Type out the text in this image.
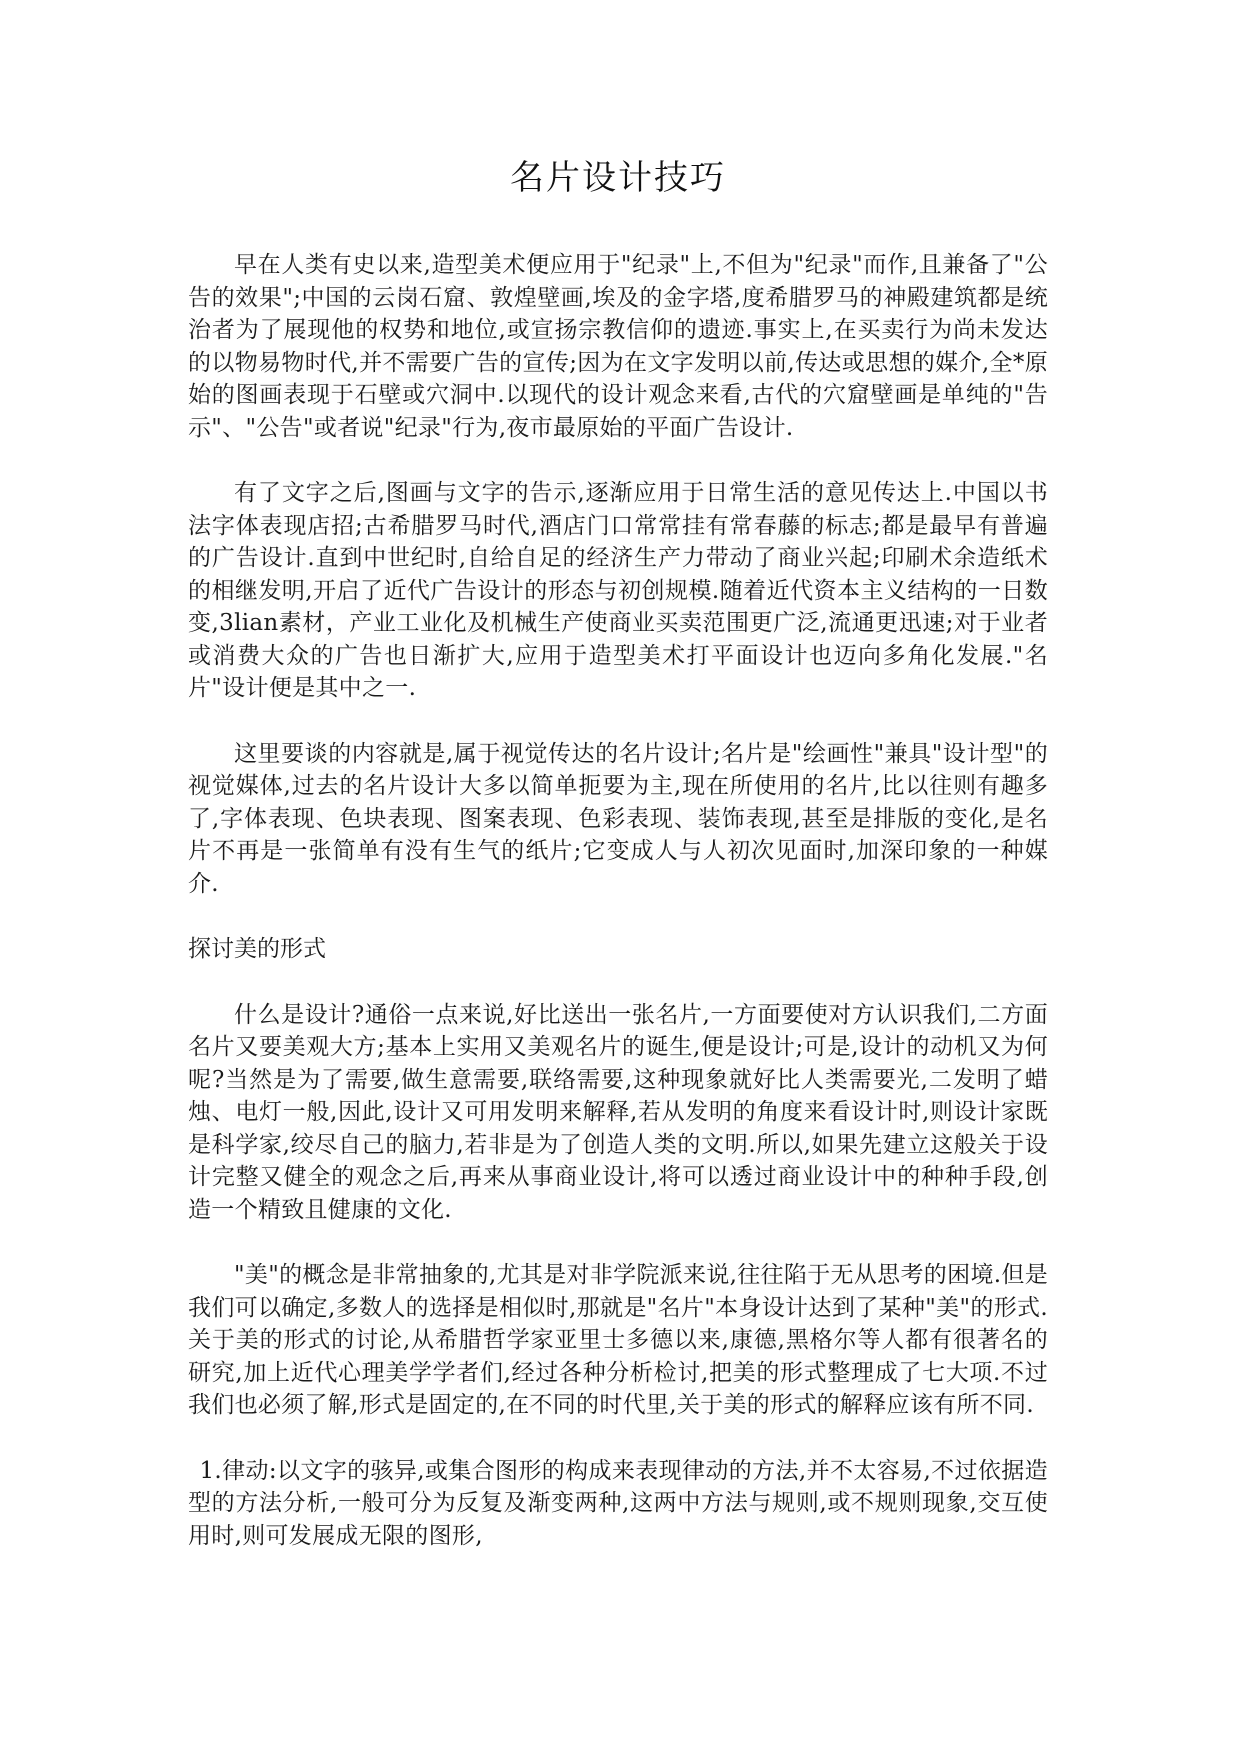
名片设计技巧

早在人类有史以来,造型美术便应用于"纪录"上,不但为"纪录"而作,且兼备了"公告的效果";中国的云岗石窟、敦煌壁画,埃及的金字塔,度希腊罗马的神殿建筑都是统治者为了展现他的权势和地位,或宣扬宗教信仰的遗迹.事实上,在买卖行为尚未发达的以物易物时代,并不需要广告的宣传;因为在文字发明以前,传达或思想的媒介,全*原始的图画表现于石壁或穴洞中.以现代的设计观念来看,古代的穴窟壁画是单纯的"告示"、"公告"或者说"纪录"行为,夜市最原始的平面广告设计.

有了文字之后,图画与文字的告示,逐渐应用于日常生活的意见传达上.中国以书法字体表现店招;古希腊罗马时代,酒店门口常常挂有常春藤的标志;都是最早有普遍的广告设计.直到中世纪时,自给自足的经济生产力带动了商业兴起;印刷术余造纸术的相继发明,开启了近代广告设计的形态与初创规模.随着近代资本主义结构的一日数变,3lian素材，产业工业化及机械生产使商业买卖范围更广泛,流通更迅速;对于业者或消费大众的广告也日渐扩大,应用于造型美术打平面设计也迈向多角化发展."名片"设计便是其中之一.

这里要谈的内容就是,属于视觉传达的名片设计;名片是"绘画性"兼具"设计型"的视觉媒体,过去的名片设计大多以简单扼要为主,现在所使用的名片,比以往则有趣多了,字体表现、色块表现、图案表现、色彩表现、装饰表现,甚至是排版的变化,是名片不再是一张简单有没有生气的纸片;它变成人与人初次见面时,加深印象的一种媒介.

探讨美的形式

什么是设计?通俗一点来说,好比送出一张名片,一方面要使对方认识我们,二方面名片又要美观大方;基本上实用又美观名片的诞生,便是设计;可是,设计的动机又为何呢?当然是为了需要,做生意需要,联络需要,这种现象就好比人类需要光,二发明了蜡烛、电灯一般,因此,设计又可用发明来解释,若从发明的角度来看设计时,则设计家既是科学家,绞尽自己的脑力,若非是为了创造人类的文明.所以,如果先建立这般关于设计完整又健全的观念之后,再来从事商业设计,将可以透过商业设计中的种种手段,创造一个精致且健康的文化.

"美"的概念是非常抽象的,尤其是对非学院派来说,往往陷于无从思考的困境.但是我们可以确定,多数人的选择是相似时,那就是"名片"本身设计达到了某种"美"的形式.关于美的形式的讨论,从希腊哲学家亚里士多德以来,康德,黑格尔等人都有很著名的研究,加上近代心理美学学者们,经过各种分析检讨,把美的形式整理成了七大项.不过我们也必须了解,形式是固定的,在不同的时代里,关于美的形式的解释应该有所不同.

1.律动:以文字的骇异,或集合图形的构成来表现律动的方法,并不太容易,不过依据造型的方法分析,一般可分为反复及渐变两种,这两中方法与规则,或不规则现象,交互使用时,则可发展成无限的图形,
